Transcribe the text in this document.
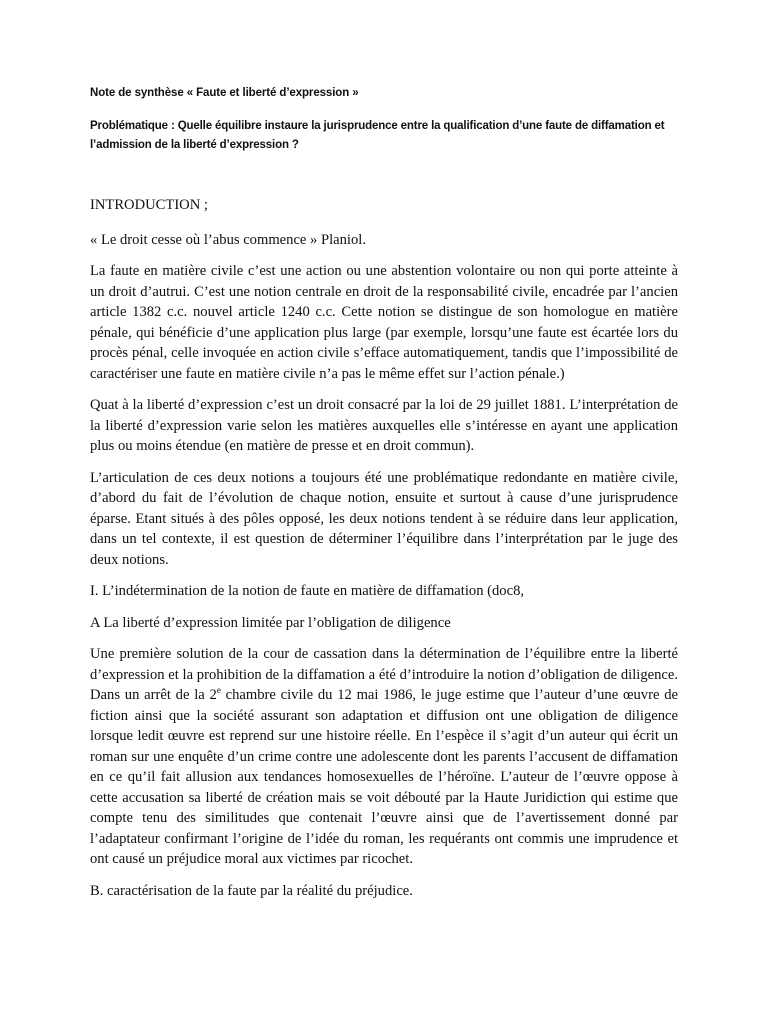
Note de synthèse « Faute et liberté d’expression »
Problématique : Quelle équilibre instaure la jurisprudence entre la qualification d’une faute de diffamation et l’admission de la liberté d’expression ?

INTRODUCTION ;

« Le droit cesse où l’abus commence » Planiol.

La faute en matière civile c’est une action ou une abstention volontaire ou non qui porte atteinte à un droit d’autrui. C’est une notion centrale en droit de la responsabilité civile, encadrée par l’ancien article 1382 c.c. nouvel article 1240 c.c. Cette notion se distingue de son homologue en matière pénale, qui bénéficie d’une application plus large (par exemple, lorsqu’une faute est écartée lors du procès pénal, celle invoquée en action civile s’efface automatiquement, tandis que l’impossibilité de caractériser une faute en matière civile n’a pas le même effet sur l’action pénale.)

Quat à la liberté d’expression c’est un droit consacré par la loi de 29 juillet 1881. L’interprétation de la liberté d’expression varie selon les matières auxquelles elle s’intéresse en ayant une application plus ou moins étendue (en matière de presse et en droit commun).

L’articulation de ces deux notions a toujours été une problématique redondante en matière civile, d’abord du fait de l’évolution de chaque notion, ensuite et surtout à cause d’une jurisprudence éparse. Etant situés à des pôles opposé, les deux notions tendent à se réduire dans leur application, dans un tel contexte, il est question de déterminer l’équilibre dans l’interprétation par le juge des deux notions.

I. L’indétermination de la notion de faute en matière de diffamation (doc8,

A La liberté d’expression limitée par l’obligation de diligence

Une première solution de la cour de cassation dans la détermination de l’équilibre entre la liberté d’expression et la prohibition de la diffamation a été d’introduire la notion d’obligation de diligence. Dans un arrêt de la 2e chambre civile du 12 mai 1986, le juge estime que l’auteur d’une œuvre de fiction ainsi que la société assurant son adaptation et diffusion ont une obligation de diligence lorsque ledit œuvre est reprend sur une histoire réelle. En l’espèce il s’agit d’un auteur qui écrit un roman sur une enquête d’un crime contre une adolescente dont les parents l’accusent de diffamation en ce qu’il fait allusion aux tendances homosexuelles de l’héroïne. L’auteur de l’œuvre oppose à cette accusation sa liberté de création mais se voit débouté par la Haute Juridiction qui estime que compte tenu des similitudes que contenait l’œuvre ainsi que de l’avertissement donné par l’adaptateur confirmant l’origine de l’idée du roman, les requérants ont commis une imprudence et ont causé un préjudice moral aux victimes par ricochet.

B. caractérisation de la faute par la réalité du préjudice.
